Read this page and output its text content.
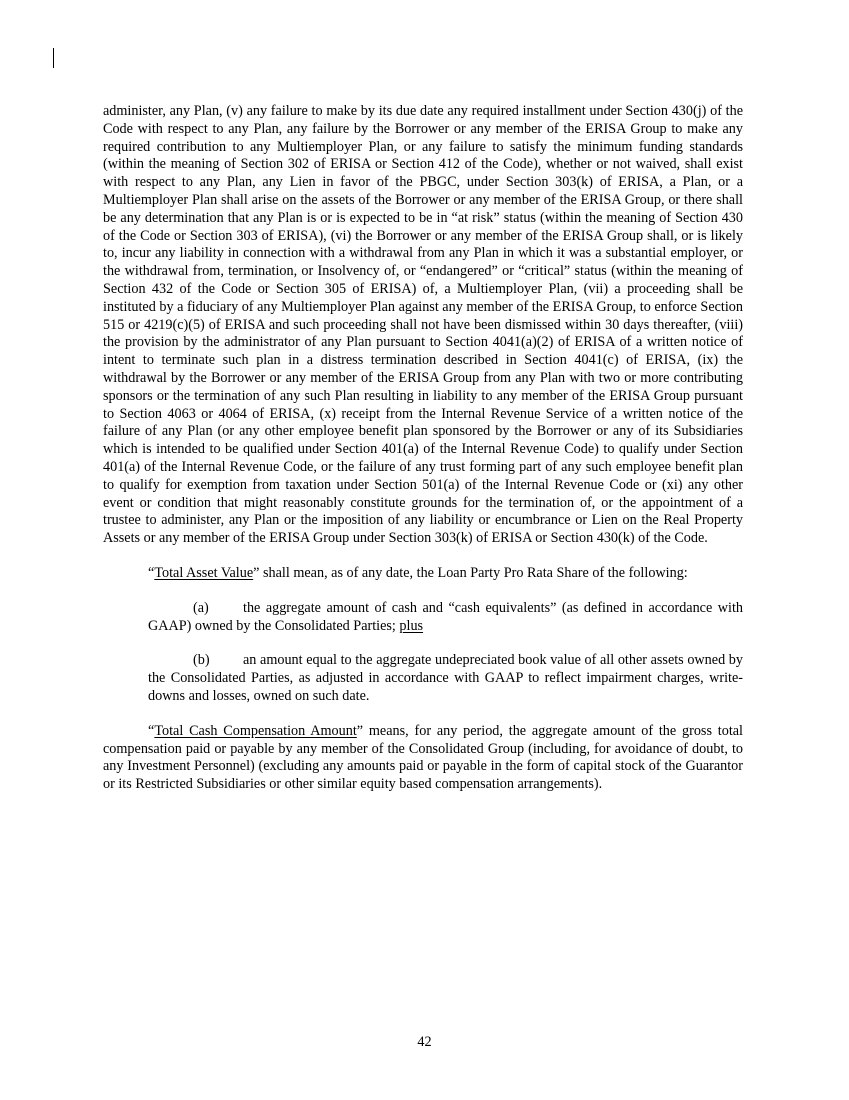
administer, any Plan, (v) any failure to make by its due date any required installment under Section 430(j) of the Code with respect to any Plan, any failure by the Borrower or any member of the ERISA Group to make any required contribution to any Multiemployer Plan, or any failure to satisfy the minimum funding standards (within the meaning of Section 302 of ERISA or Section 412 of the Code), whether or not waived, shall exist with respect to any Plan, any Lien in favor of the PBGC, under Section 303(k) of ERISA, a Plan, or a Multiemployer Plan shall arise on the assets of the Borrower or any member of the ERISA Group, or there shall be any determination that any Plan is or is expected to be in “at risk” status (within the meaning of Section 430 of the Code or Section 303 of ERISA), (vi) the Borrower or any member of the ERISA Group shall, or is likely to, incur any liability in connection with a withdrawal from any Plan in which it was a substantial employer, or the withdrawal from, termination, or Insolvency of, or “endangered” or “critical” status (within the meaning of Section 432 of the Code or Section 305 of ERISA) of, a Multiemployer Plan, (vii) a proceeding shall be instituted by a fiduciary of any Multiemployer Plan against any member of the ERISA Group, to enforce Section 515 or 4219(c)(5) of ERISA and such proceeding shall not have been dismissed within 30 days thereafter, (viii) the provision by the administrator of any Plan pursuant to Section 4041(a)(2) of ERISA of a written notice of intent to terminate such plan in a distress termination described in Section 4041(c) of ERISA, (ix) the withdrawal by the Borrower or any member of the ERISA Group from any Plan with two or more contributing sponsors or the termination of any such Plan resulting in liability to any member of the ERISA Group pursuant to Section 4063 or 4064 of ERISA, (x) receipt from the Internal Revenue Service of a written notice of the failure of any Plan (or any other employee benefit plan sponsored by the Borrower or any of its Subsidiaries which is intended to be qualified under Section 401(a) of the Internal Revenue Code) to qualify under Section 401(a) of the Internal Revenue Code, or the failure of any trust forming part of any such employee benefit plan to qualify for exemption from taxation under Section 501(a) of the Internal Revenue Code or (xi) any other event or condition that might reasonably constitute grounds for the termination of, or the appointment of a trustee to administer, any Plan or the imposition of any liability or encumbrance or Lien on the Real Property Assets or any member of the ERISA Group under Section 303(k) of ERISA or Section 430(k) of the Code.

“Total Asset Value” shall mean, as of any date, the Loan Party Pro Rata Share of the following:

(a) the aggregate amount of cash and “cash equivalents” (as defined in accordance with GAAP) owned by the Consolidated Parties; plus

(b) an amount equal to the aggregate undepreciated book value of all other assets owned by the Consolidated Parties, as adjusted in accordance with GAAP to reflect impairment charges, write-downs and losses, owned on such date.

“Total Cash Compensation Amount” means, for any period, the aggregate amount of the gross total compensation paid or payable by any member of the Consolidated Group (including, for avoidance of doubt, to any Investment Personnel) (excluding any amounts paid or payable in the form of capital stock of the Guarantor or its Restricted Subsidiaries or other similar equity based compensation arrangements).

42
